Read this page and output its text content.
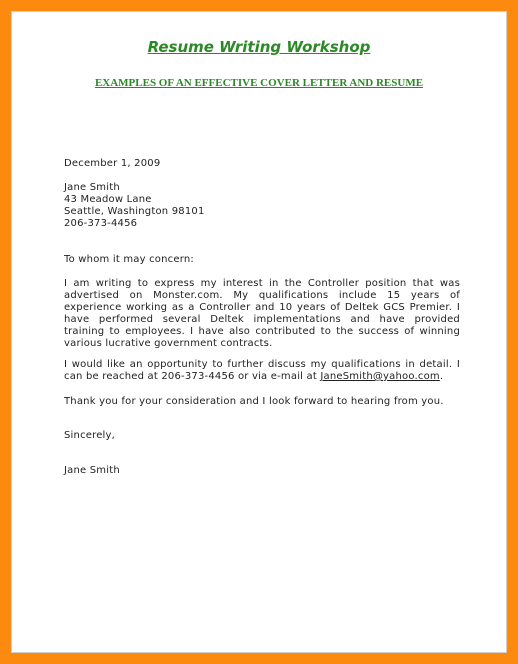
Resume Writing Workshop
EXAMPLES OF AN EFFECTIVE COVER LETTER AND RESUME
December 1, 2009
Jane Smith
43 Meadow Lane
Seattle, Washington 98101
206-373-4456
To whom it may concern:
I am writing to express my interest in the Controller position that was advertised on Monster.com. My qualifications include 15 years of experience working as a Controller and 10 years of Deltek GCS Premier. I have performed several Deltek implementations and have provided training to employees. I have also contributed to the success of winning various lucrative government contracts.
I would like an opportunity to further discuss my qualifications in detail. I can be reached at 206-373-4456 or via e-mail at JaneSmith@yahoo.com.
Thank you for your consideration and I look forward to hearing from you.
Sincerely,
Jane Smith
